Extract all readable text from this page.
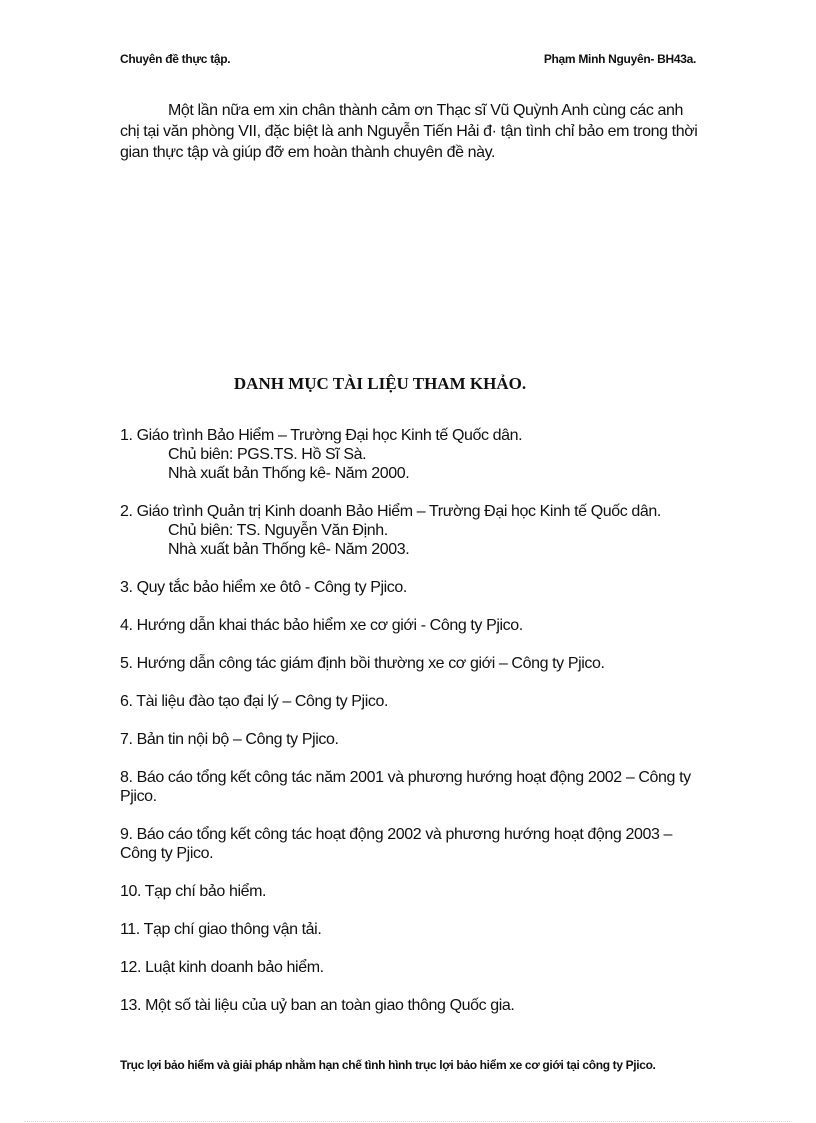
Chuyên đề thực tập.	Phạm Minh Nguyên- BH43a.

Một lần nữa em xin chân thành cảm ơn Thạc sĩ Vũ Quỳnh Anh cùng các anh chị tại văn phòng VII, đặc biệt là anh Nguyễn Tiến Hải đ· tận tình chỉ bảo em trong thời gian thực tập và giúp đỡ em hoàn thành chuyên đề này.

DANH MỤC TÀI LIỆU THAM KHẢO.
1. Giáo trình Bảo Hiểm – Trường Đại học Kinh tế Quốc dân.
Chủ biên: PGS.TS. Hồ Sĩ Sà.
Nhà xuất bản Thống kê- Năm 2000.
2. Giáo trình Quản trị Kinh doanh Bảo Hiểm – Trường Đại học Kinh tế Quốc dân.
Chủ biên: TS. Nguyễn Văn Định.
Nhà xuất bản Thống kê- Năm 2003.
3. Quy tắc bảo hiểm xe ôtô - Công ty Pjico.
4. Hướng dẫn khai thác bảo hiểm xe cơ giới - Công ty Pjico.
5. Hướng dẫn công tác giám định bồi thường xe cơ giới – Công ty Pjico.
6. Tài liệu đào tạo đại lý – Công ty Pjico.
7. Bản tin nội bộ – Công ty Pjico.
8. Báo cáo tổng kết công tác năm 2001 và phương hướng hoạt động 2002 – Công ty Pjico.
9. Báo cáo tổng kết công tác hoạt động 2002 và phương hướng hoạt động 2003 – Công ty Pjico.
10. Tạp chí bảo hiểm.
11. Tạp chí giao thông vận tải.
12. Luật kinh doanh bảo hiểm.
13. Một số tài liệu của uỷ ban an toàn giao thông Quốc gia.
Trục lợi bảo hiểm và giải pháp nhằm hạn chế tình hình trục lợi bảo hiểm xe cơ giới tại công ty Pjico.
